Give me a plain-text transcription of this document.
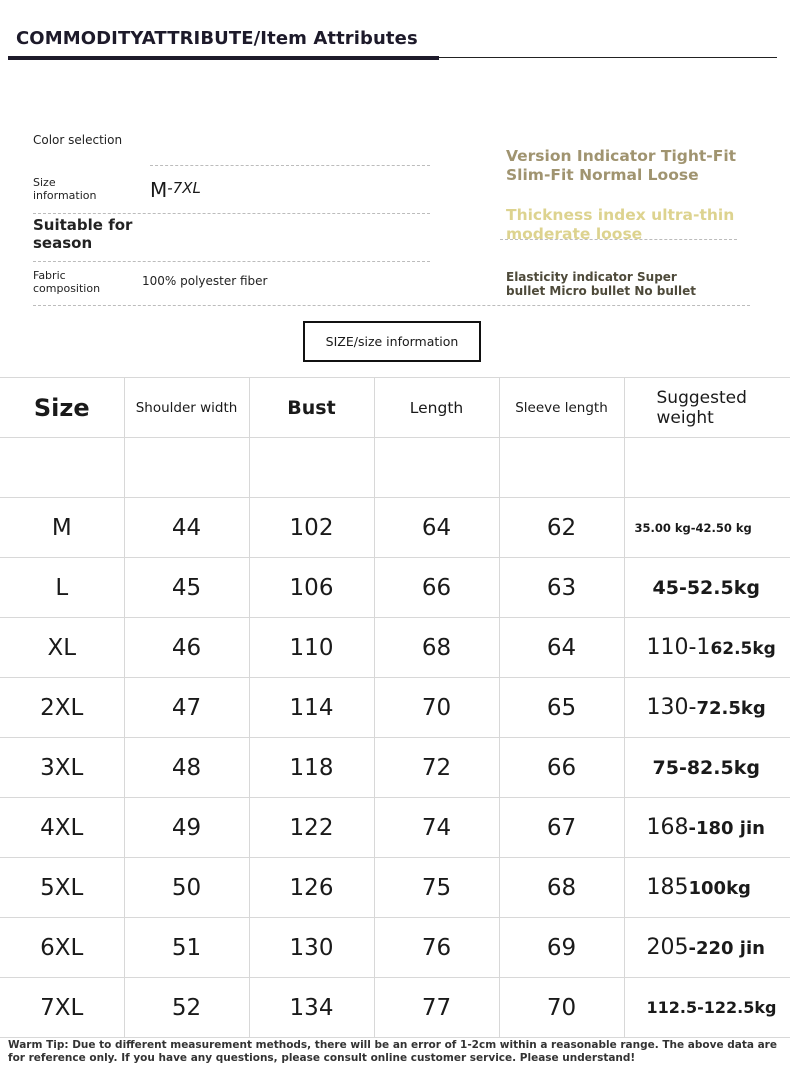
COMMODITYATTRIBUTE/Item Attributes
Color selection
Size information	$M^{-7XL}$
Suitable for season
Fabric composition
100% polyester fiber
Version Indicator Tight-Fit Slim-Fit Normal Loose
Thickness index ultra-thin moderate loose
Elasticity indicator Super bullet Micro bullet No bullet
SIZE/size information
Size	Shoulder width	Bust	Length	Sleeve length	Suggested weight

M	44	102	64	62	35.00 kg-42.50 kg
L	45	106	66	63	45-52.5kg
XL	46	110	68	64	110-162.5kg
2XL	47	114	70	65	130-72.5kg
3XL	48	118	72	66	75-82.5kg
4XL	49	122	74	67	168-180 jin
5XL	50	126	75	68	185100kg
6XL	51	130	76	69	205-220 jin
7XL	52	134	77	70	112.5-122.5kg
Warm Tip: Due to different measurement methods, there will be an error of 1-2cm within a reasonable range. The above data are for reference only. If you have any questions, please consult online customer service. Please understand!
